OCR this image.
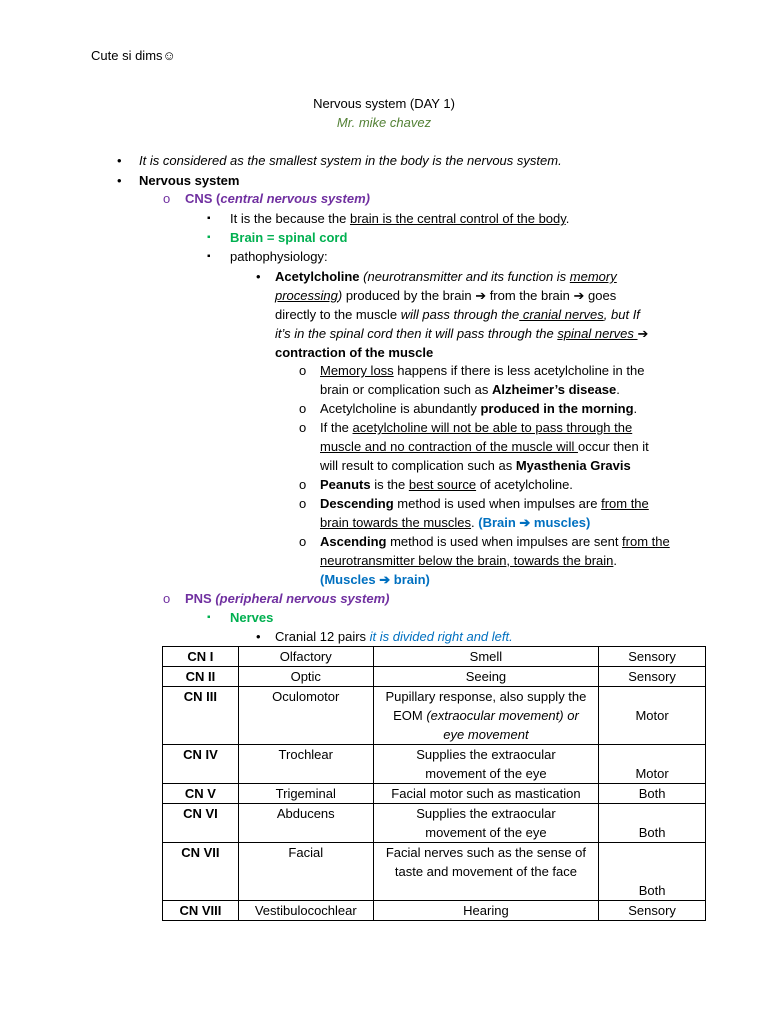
Cute si dims☺
Nervous system (DAY 1)
Mr. mike chavez
• It is considered as the smallest system in the body is the nervous system.
• Nervous system
o CNS (central nervous system)
▪ It is the because the brain is the central control of the body.
▪ Brain = spinal cord
▪ pathophysiology:
• Acetylcholine (neurotransmitter and its function is memory
processing) produced by the brain ➔ from the brain ➔ goes
directly to the muscle will pass through the cranial nerves, but If
it’s in the spinal cord then it will pass through the spinal nerves ➔
contraction of the muscle
o Memory loss happens if there is less acetylcholine in the
brain or complication such as Alzheimer’s disease.
o Acetylcholine is abundantly produced in the morning.
o If the acetylcholine will not be able to pass through the
muscle and no contraction of the muscle will occur then it
will result to complication such as Myasthenia Gravis
o Peanuts is the best source of acetylcholine.
o Descending method is used when impulses are from the
brain towards the muscles. (Brain ➔ muscles)
o Ascending method is used when impulses are sent from the
neurotransmitter below the brain, towards the brain.
(Muscles ➔ brain)
o PNS (peripheral nervous system)
▪ Nerves
• Cranial 12 pairs it is divided right and left.
CN I	Olfactory	Smell	Sensory
CN II	Optic	Seeing	Sensory
CN III	Oculomotor	Pupillary response, also supply the
EOM (extraocular movement) or
eye movement	Motor
CN IV	Trochlear	Supplies the extraocular
movement of the eye	Motor
CN V	Trigeminal	Facial motor such as mastication	Both
CN VI	Abducens	Supplies the extraocular
movement of the eye	Both
CN VII	Facial	Facial nerves such as the sense of
taste and movement of the face	Both
CN VIII	Vestibulocochlear	Hearing	Sensory
